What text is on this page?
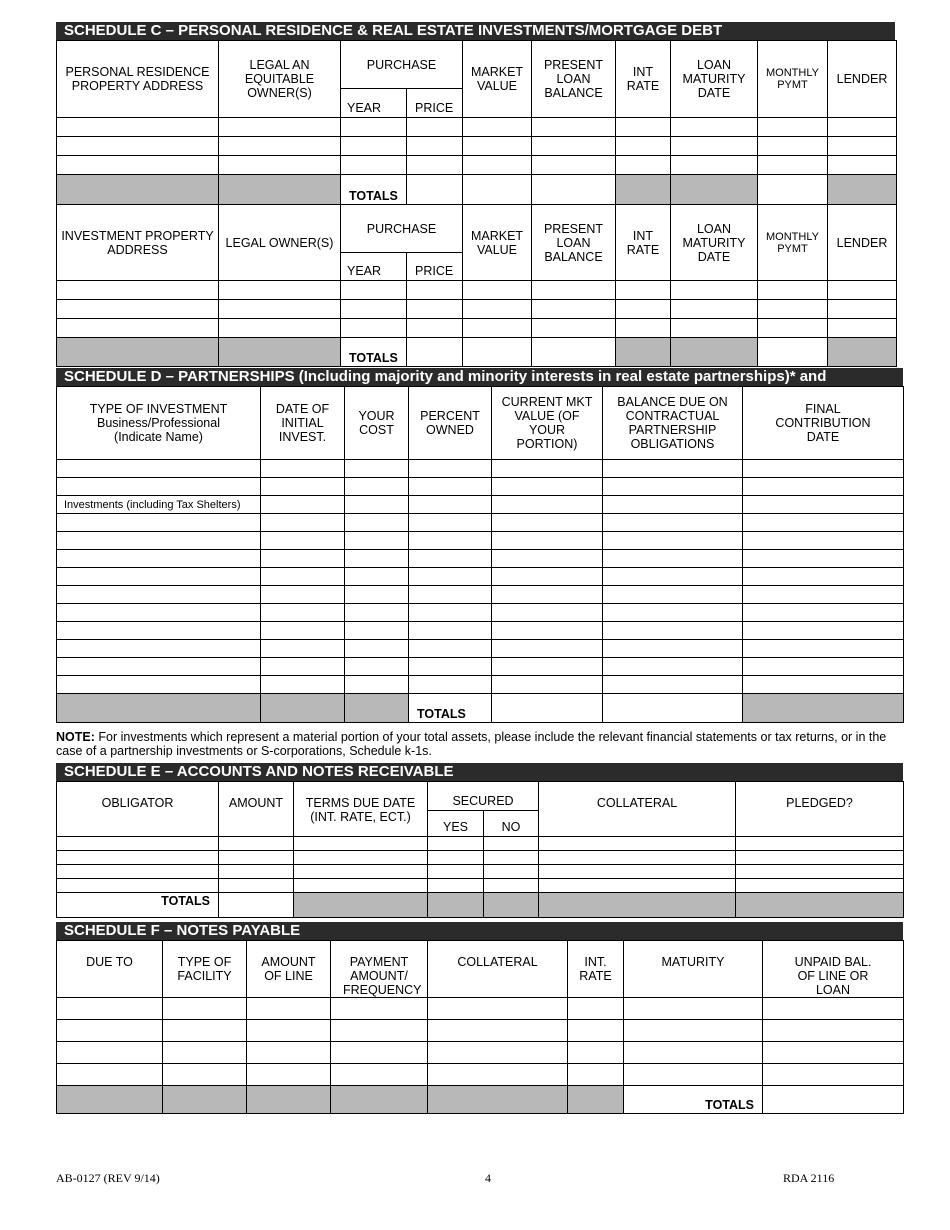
SCHEDULE C – PERSONAL RESIDENCE & REAL ESTATE INVESTMENTS/MORTGAGE DEBT
PERSONAL RESIDENCE PROPERTY ADDRESS	LEGAL AN EQUITABLE OWNER(S)	PURCHASE		MARKET VALUE	PRESENT LOAN BALANCE	INT RATE	LOAN MATURITY DATE	MONTHLY PYMT	LENDER
		YEAR	PRICE						

		TOTALS							
INVESTMENT PROPERTY ADDRESS	LEGAL OWNER(S)	PURCHASE		MARKET VALUE	PRESENT LOAN BALANCE	INT RATE	LOAN MATURITY DATE	MONTHLY PYMT	LENDER
		YEAR	PRICE						

		TOTALS							
SCHEDULE D – PARTNERSHIPS (Including majority and minority interests in real estate partnerships)* and
TYPE OF INVESTMENT
Business/Professional
(Indicate Name)	DATE OF INITIAL INVEST.	YOUR COST	PERCENT OWNED	CURRENT MKT VALUE (OF YOUR PORTION)	BALANCE DUE ON CONTRACTUAL PARTNERSHIP OBLIGATIONS	FINAL CONTRIBUTION DATE

Investments (including Tax Shelters)						

			TOTALS			
NOTE: For investments which represent a material portion of your total assets, please include the relevant financial statements or tax returns, or in the case of a partnership investments or S-corporations, Schedule k-1s.
SCHEDULE E – ACCOUNTS AND NOTES RECEIVABLE
OBLIGATOR	AMOUNT	TERMS DUE DATE (INT. RATE, ECT.)	SECURED		COLLATERAL	PLEDGED?
			YES	NO		

TOTALS						
SCHEDULE F – NOTES PAYABLE
DUE TO	TYPE OF FACILITY	AMOUNT OF LINE	PAYMENT AMOUNT/ FREQUENCY	COLLATERAL	INT. RATE	MATURITY	UNPAID BAL. OF LINE OR LOAN

						TOTALS	
AB-0127 (REV 9/14)	4	RDA 2116
